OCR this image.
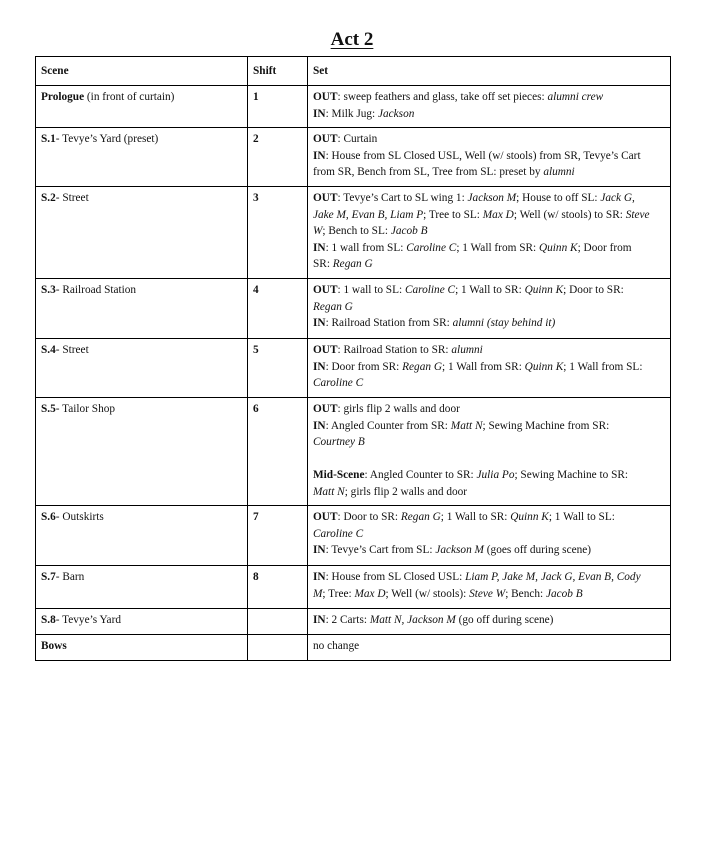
Act 2
Scene	Shift	Set
Prologue (in front of curtain)	1	OUT: sweep feathers and glass, take off set pieces: alumni crew
IN: Milk Jug: Jackson

S.1- Tevye’s Yard (preset)	2	OUT: Curtain
IN: House from SL Closed USL, Well (w/ stools) from SR, Tevye’s Cart
from SR, Bench from SL, Tree from SL: preset by alumni

S.2- Street	3	OUT: Tevye’s Cart to SL wing 1: Jackson M; House to off SL: Jack G,
Jake M, Evan B, Liam P; Tree to SL: Max D; Well (w/ stools) to SR: Steve
W; Bench to SL: Jacob B
IN: 1 wall from SL: Caroline C; 1 Wall from SR: Quinn K; Door from
SR: Regan G

S.3- Railroad Station	4	OUT: 1 wall to SL: Caroline C; 1 Wall to SR: Quinn K; Door to SR:
Regan G
IN: Railroad Station from SR: alumni (stay behind it)

S.4- Street	5	OUT: Railroad Station to SR: alumni
IN: Door from SR: Regan G; 1 Wall from SR: Quinn K; 1 Wall from SL:
Caroline C

S.5- Tailor Shop	6	OUT: girls flip 2 walls and door
IN: Angled Counter from SR: Matt N; Sewing Machine from SR:
Courtney B
Mid-Scene: Angled Counter to SR: Julia Po; Sewing Machine to SR:
Matt N; girls flip 2 walls and door

S.6- Outskirts	7	OUT: Door to SR: Regan G; 1 Wall to SR: Quinn K; 1 Wall to SL:
Caroline C
IN: Tevye’s Cart from SL: Jackson M (goes off during scene)

S.7- Barn	8	IN: House from SL Closed USL: Liam P, Jake M, Jack G, Evan B, Cody
M; Tree: Max D; Well (w/ stools): Steve W; Bench: Jacob B

S.8- Tevye’s Yard		IN: 2 Carts: Matt N, Jackson M (go off during scene)

Bows		no change
